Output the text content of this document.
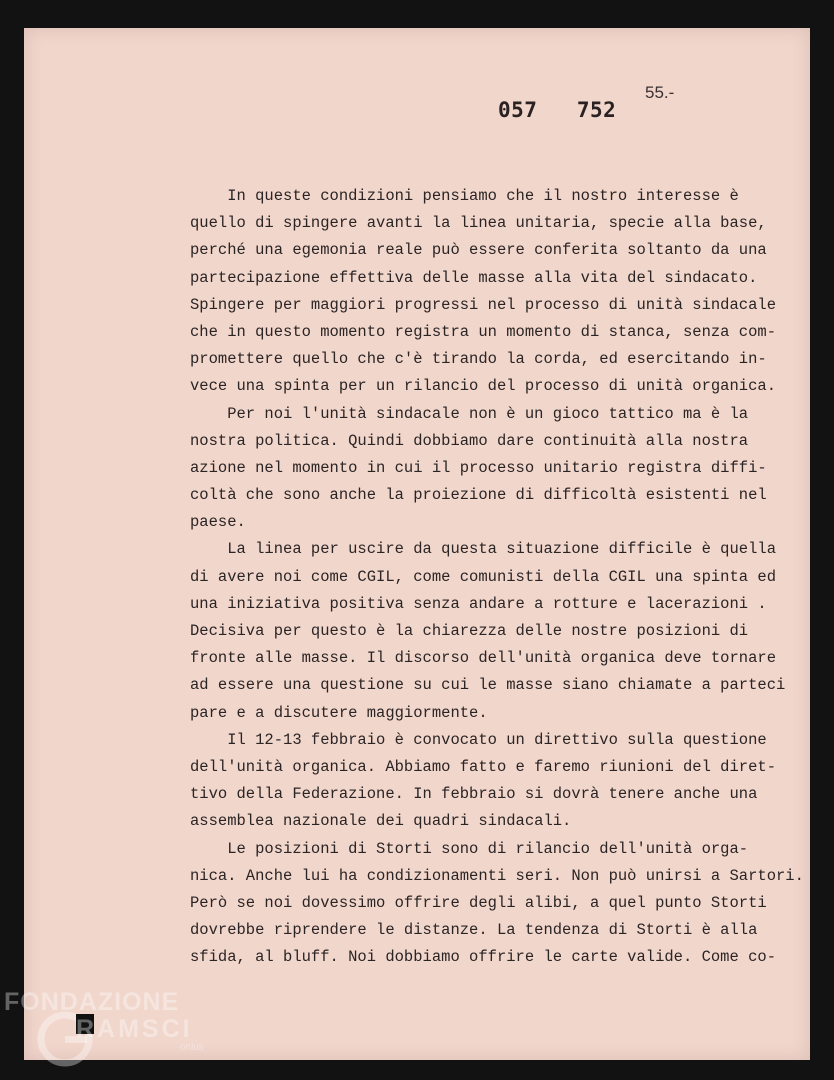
057   752
55.-
In queste condizioni pensiamo che il nostro interesse è
quello di spingere avanti la linea unitaria, specie alla base,
perché una egemonia reale può essere conferita soltanto da una
partecipazione effettiva delle masse alla vita del sindacato.
Spingere per maggiori progressi nel processo di unità sindacale
che in questo momento registra un momento di stanca, senza com-
promettere quello che c'è tirando la corda, ed esercitando in-
vece una spinta per un rilancio del processo di unità organica.
Per noi l'unità sindacale non è un gioco tattico ma è la
nostra politica. Quindi dobbiamo dare continuità alla nostra
azione nel momento in cui il processo unitario registra diffi-
coltà che sono anche la proiezione di difficoltà esistenti nel
paese.
La linea per uscire da questa situazione difficile è quella
di avere noi come CGIL, come comunisti della CGIL una spinta ed
una iniziativa positiva senza andare a rotture e lacerazioni .
Decisiva per questo è la chiarezza delle nostre posizioni di
fronte alle masse. Il discorso dell'unità organica deve tornare
ad essere una questione su cui le masse siano chiamate a parteci
pare e a discutere maggiormente.
Il 12-13 febbraio è convocato un direttivo sulla questione
dell'unità organica. Abbiamo fatto e faremo riunioni del diret-
tivo della Federazione. In febbraio si dovrà tenere anche una
assemblea nazionale dei quadri sindacali.
Le posizioni di Storti sono di rilancio dell'unità orga-
nica. Anche lui ha condizionamenti seri. Non può unirsi a Sartori.
Però se noi dovessimo offrire degli alibi, a quel punto Storti
dovrebbe riprendere le distanze. La tendenza di Storti è alla
sfida, al bluff. Noi dobbiamo offrire le carte valide. Come co-
FONDAZIONE
RAMSCI
onlus
